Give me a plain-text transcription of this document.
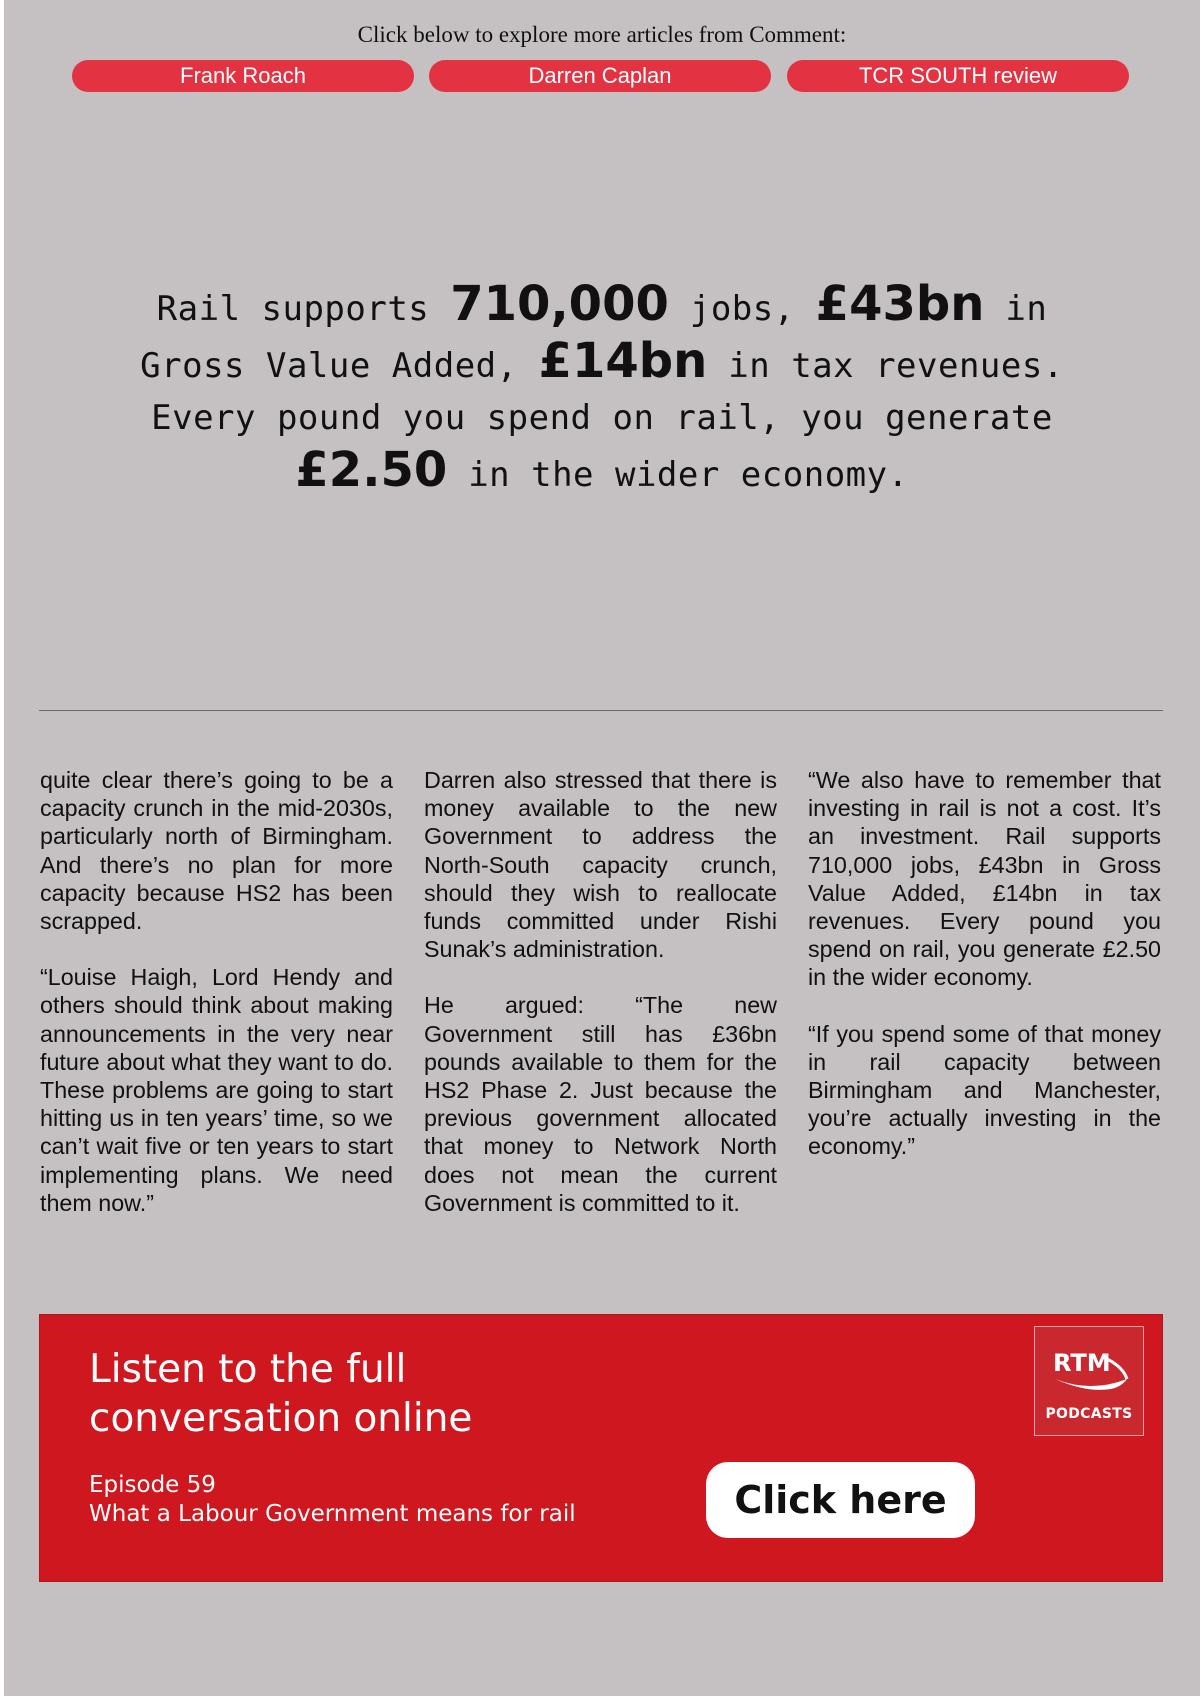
Click below to explore more articles from Comment:
Frank Roach	Darren Caplan	TCR SOUTH review
Rail supports 710,000 jobs, £43bn in Gross Value Added, £14bn in tax revenues. Every pound you spend on rail, you generate £2.50 in the wider economy.

quite clear there’s going to be a capacity crunch in the mid-2030s, particularly north of Birmingham. And there’s no plan for more capacity because HS2 has been scrapped.

“Louise Haigh, Lord Hendy and others should think about making announcements in the very near future about what they want to do. These problems are going to start hitting us in ten years’ time, so we can’t wait five or ten years to start implementing plans. We need them now.”

Darren also stressed that there is money available to the new Government to address the North-South capacity crunch, should they wish to reallocate funds committed under Rishi Sunak’s administration.

He argued: “The new Government still has £36bn pounds available to them for the HS2 Phase 2. Just because the previous government allocated that money to Network North does not mean the current Government is committed to it.

“We also have to remember that investing in rail is not a cost. It’s an investment. Rail supports 710,000 jobs, £43bn in Gross Value Added, £14bn in tax revenues. Every pound you spend on rail, you generate £2.50 in the wider economy.

“If you spend some of that money in rail capacity between Birmingham and Manchester, you’re actually investing in the economy.”

Listen to the full
conversation online
Episode 59
What a Labour Government means for rail	Click here
RTM
PODCASTS
